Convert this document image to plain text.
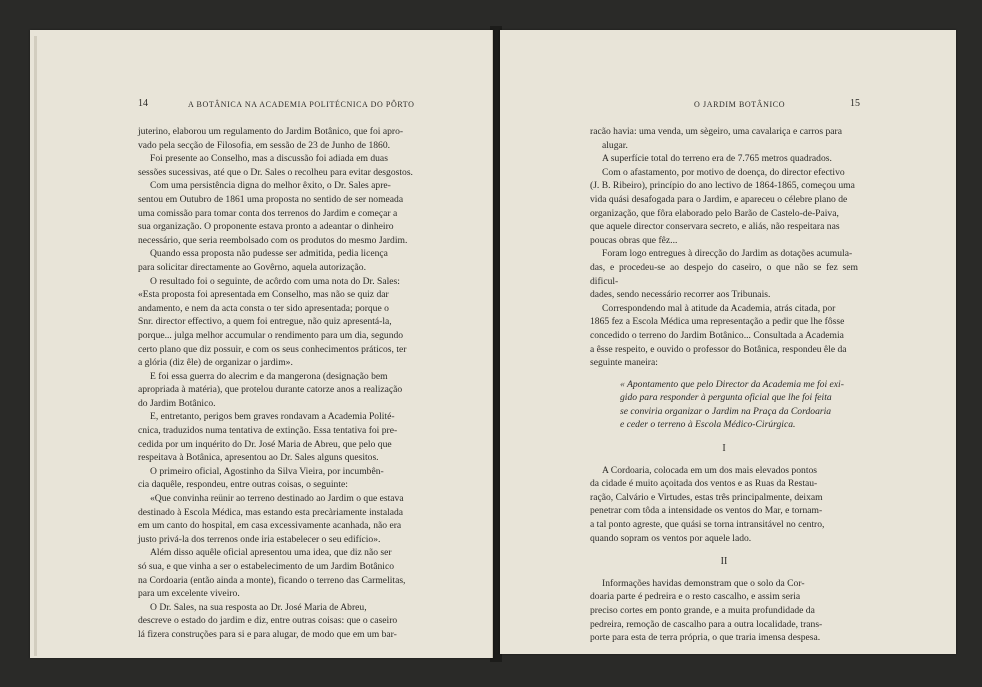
14	A BOTÂNICA NA ACADEMIA POLITÉCNICA DO PÔRTO

juterino, elaborou um regulamento do Jardim Botânico, que foi apro-

vado pela secção de Filosofia, em sessão de 23 de Junho de 1860.

Foi presente ao Conselho, mas a discussão foi adiada em duas

sessões sucessivas, até que o Dr. Sales o recolheu para evitar desgostos.

Com uma persistência digna do melhor êxito, o Dr. Sales apre-

sentou em Outubro de 1861 uma proposta no sentido de ser nomeada

uma comissão para tomar conta dos terrenos do Jardim e começar a

sua organização. O proponente estava pronto a adeantar o dinheiro

necessário, que seria reembolsado com os produtos do mesmo Jardim.

Quando essa proposta não pudesse ser admitida, pedia licença

para solicitar directamente ao Govêrno, aquela autorização.

O resultado foi o seguinte, de acôrdo com uma nota do Dr. Sales:

«Esta proposta foi apresentada em Conselho, mas não se quiz dar

andamento, e nem da acta consta o ter sido apresentada; porque o

Snr. director effectivo, a quem foi entregue, não quiz apresentá-la,

porque... julga melhor accumular o rendimento para um dia, segundo

certo plano que diz possuir, e com os seus conhecimentos práticos, ter

a glória (diz êle) de organizar o jardim».

E foi essa guerra do alecrim e da mangerona (designação bem

apropriada à matéria), que protelou durante catorze anos a realização

do Jardim Botânico.

E, entretanto, perigos bem graves rondavam a Academia Polité-

cnica, traduzidos numa tentativa de extinção. Essa tentativa foi pre-

cedida por um inquérito do Dr. José Maria de Abreu, que pelo que

respeitava à Botânica, apresentou ao Dr. Sales alguns quesitos.

O primeiro oficial, Agostinho da Silva Vieira, por incumbên-

cia daquêle, respondeu, entre outras coisas, o seguinte:

«Que convinha reünir ao terreno destinado ao Jardim o que estava

destinado à Escola Médica, mas estando esta precàriamente instalada

em um canto do hospital, em casa excessivamente acanhada, não era

justo privá-la dos terrenos onde iria estabelecer o seu edifício».

Além disso aquêle oficial apresentou uma idea, que diz não ser

só sua, e que vinha a ser o estabelecimento de um Jardim Botânico

na Cordoaria (então ainda a monte), ficando o terreno das Carmelitas,

para um excelente viveiro.

O Dr. Sales, na sua resposta ao Dr. José Maria de Abreu,

descreve o estado do jardim e diz, entre outras coisas: que o caseiro

lá fizera construções para si e para alugar, de modo que em um bar-

O JARDIM BOTÂNICO	15

racão havia: uma venda, um sègeiro, uma cavalariça e carros para

alugar.

A superfície total do terreno era de 7.765 metros quadrados.

Com o afastamento, por motivo de doença, do director efectivo

(J. B. Ribeiro), princípio do ano lectivo de 1864-1865, começou uma

vida quási desafogada para o Jardim, e apareceu o célebre plano de

organização, que fôra elaborado pelo Barão de Castelo-de-Paiva,

que aquele director conservara secreto, e aliás, não respeitara nas

poucas obras que fêz...

Foram logo entregues à direcção do Jardim as dotações acumula-

das, e procedeu-se ao despejo do caseiro, o que não se fez sem dificul-

dades, sendo necessário recorrer aos Tribunais.

Correspondendo mal à atitude da Academia, atrás citada, por

1865 fez a Escola Médica uma representação a pedir que lhe fôsse

concedido o terreno do Jardim Botânico... Consultada a Academia

a êsse respeito, e ouvido o professor do Botânica, respondeu êle da

seguinte maneira:

« Apontamento que pelo Director da Academia me foi exi-

gido para responder à pergunta oficial que lhe foi feita

se conviria organizar o Jardim na Praça da Cordoaria

e ceder o terreno à Escola Médico-Cirúrgica.

I

A Cordoaria, colocada em um dos mais elevados pontos

da cidade é muito açoitada dos ventos e as Ruas da Restau-

ração, Calvário e Virtudes, estas três principalmente, deixam

penetrar com tôda a intensidade os ventos do Mar, e tornam-

a tal ponto agreste, que quási se torna intransitável no centro,

quando sopram os ventos por aquele lado.

II

Informações havidas demonstram que o solo da Cor-

doaria parte é pedreira e o resto cascalho, e assim seria

preciso cortes em ponto grande, e a muita profundidade da

pedreira, remoção de cascalho para a outra localidade, trans-

porte para esta de terra própria, o que traria imensa despesa.
